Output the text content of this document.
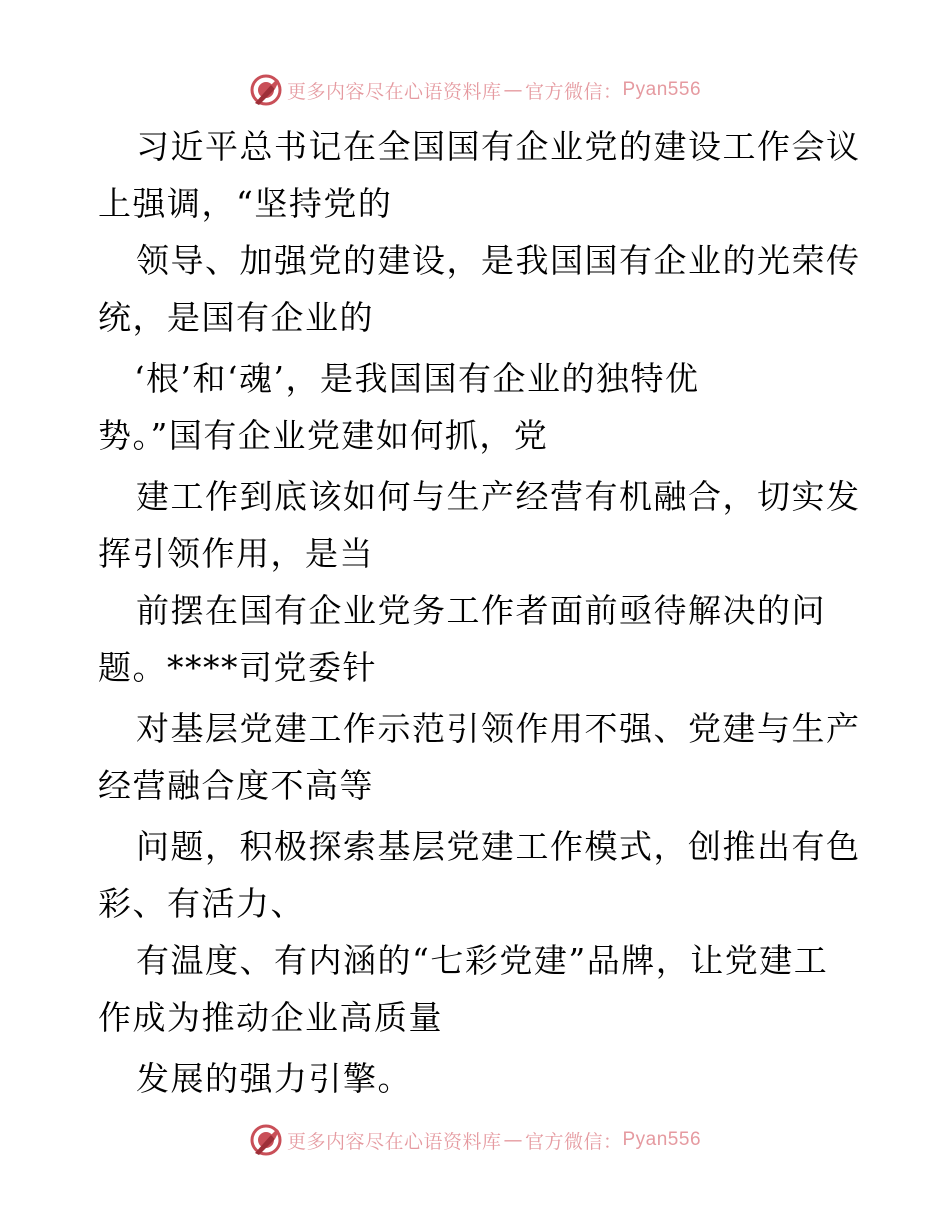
更多内容尽在心语资料库 — 官方微信： Pyan556
习近平总书记在全国国有企业党的建设工作会议
上强调，“坚持党的
领导、加强党的建设，是我国国有企业的光荣传
统，是国有企业的
‘根’和‘魂’，是我国国有企业的独特优
势。”国有企业党建如何抓，党
建工作到底该如何与生产经营有机融合，切实发
挥引领作用，是当
前摆在国有企业党务工作者面前亟待解决的问
题。****司党委针
对基层党建工作示范引领作用不强、党建与生产
经营融合度不高等
问题，积极探索基层党建工作模式，创推出有色
彩、有活力、
有温度、有内涵的“七彩党建”品牌，让党建工
作成为推动企业高质量
发展的强力引擎。
更多内容尽在心语资料库 — 官方微信： Pyan556
